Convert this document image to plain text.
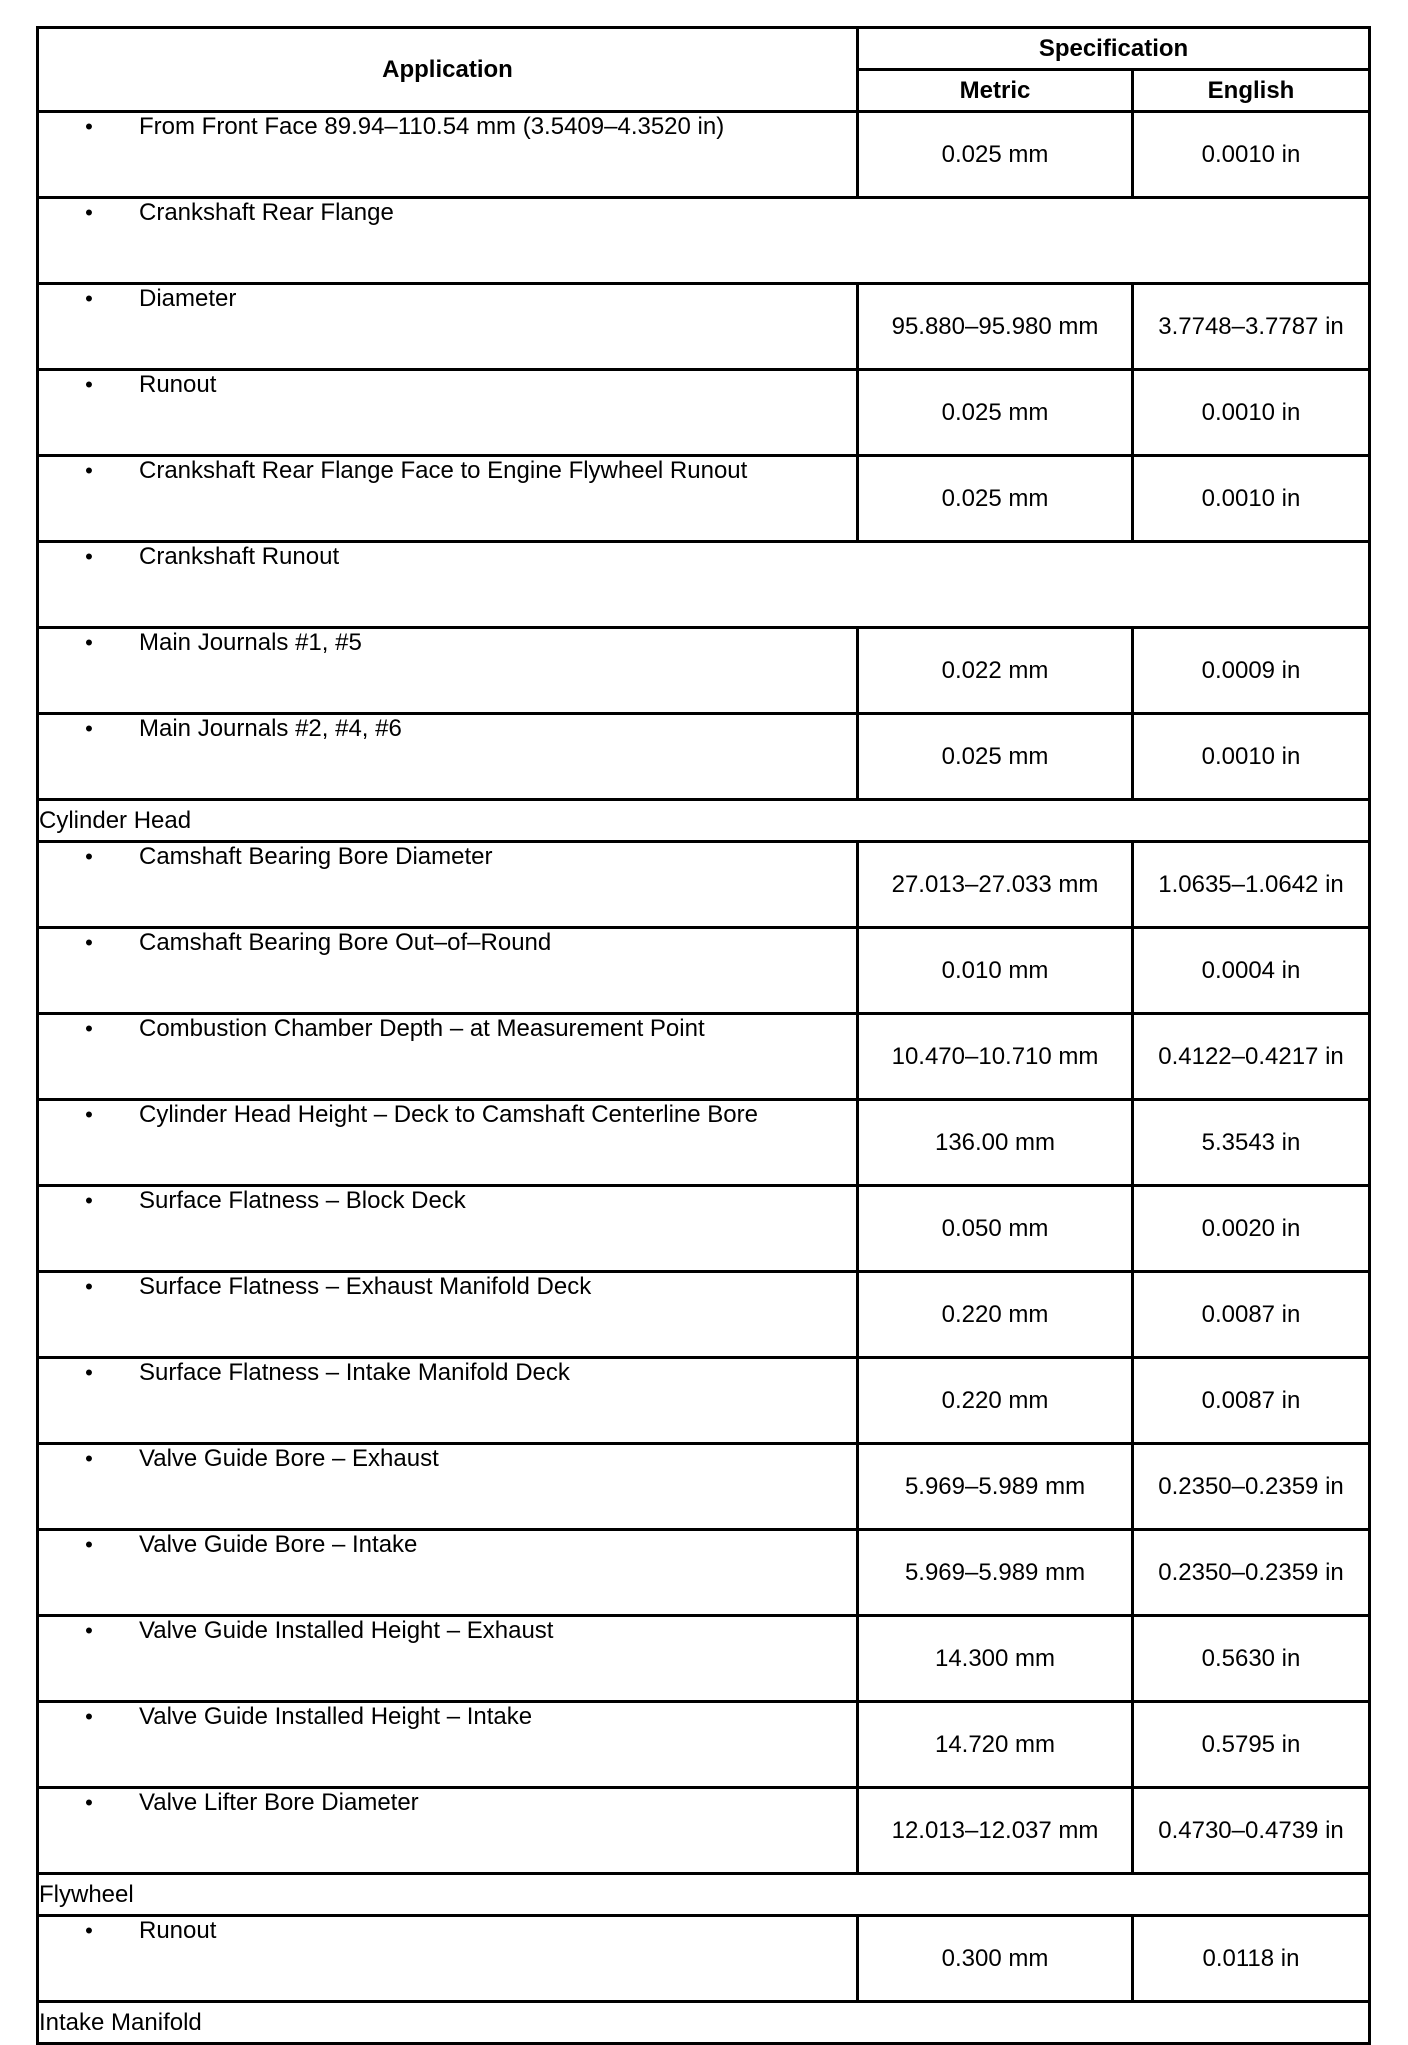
Application	Specification	
	Metric	English

• From Front Face 89.94–110.54 mm (3.5409–4.3520 in)	0.025 mm	0.0010 in

• Crankshaft Rear Flange		

• Diameter	95.880–95.980 mm	3.7748–3.7787 in

• Runout	0.025 mm	0.0010 in

• Crankshaft Rear Flange Face to Engine Flywheel Runout	0.025 mm	0.0010 in

• Crankshaft Runout		

• Main Journals #1, #5	0.022 mm	0.0009 in

• Main Journals #2, #4, #6	0.025 mm	0.0010 in
Cylinder Head		

• Camshaft Bearing Bore Diameter	27.013–27.033 mm	1.0635–1.0642 in

• Camshaft Bearing Bore Out–of–Round	0.010 mm	0.0004 in

• Combustion Chamber Depth – at Measurement Point	10.470–10.710 mm	0.4122–0.4217 in

• Cylinder Head Height – Deck to Camshaft Centerline Bore	136.00 mm	5.3543 in

• Surface Flatness – Block Deck	0.050 mm	0.0020 in

• Surface Flatness – Exhaust Manifold Deck	0.220 mm	0.0087 in

• Surface Flatness – Intake Manifold Deck	0.220 mm	0.0087 in

• Valve Guide Bore – Exhaust	5.969–5.989 mm	0.2350–0.2359 in

• Valve Guide Bore – Intake	5.969–5.989 mm	0.2350–0.2359 in

• Valve Guide Installed Height – Exhaust	14.300 mm	0.5630 in

• Valve Guide Installed Height – Intake	14.720 mm	0.5795 in

• Valve Lifter Bore Diameter	12.013–12.037 mm	0.4730–0.4739 in
Flywheel		

• Runout	0.300 mm	0.0118 in
Intake Manifold		
